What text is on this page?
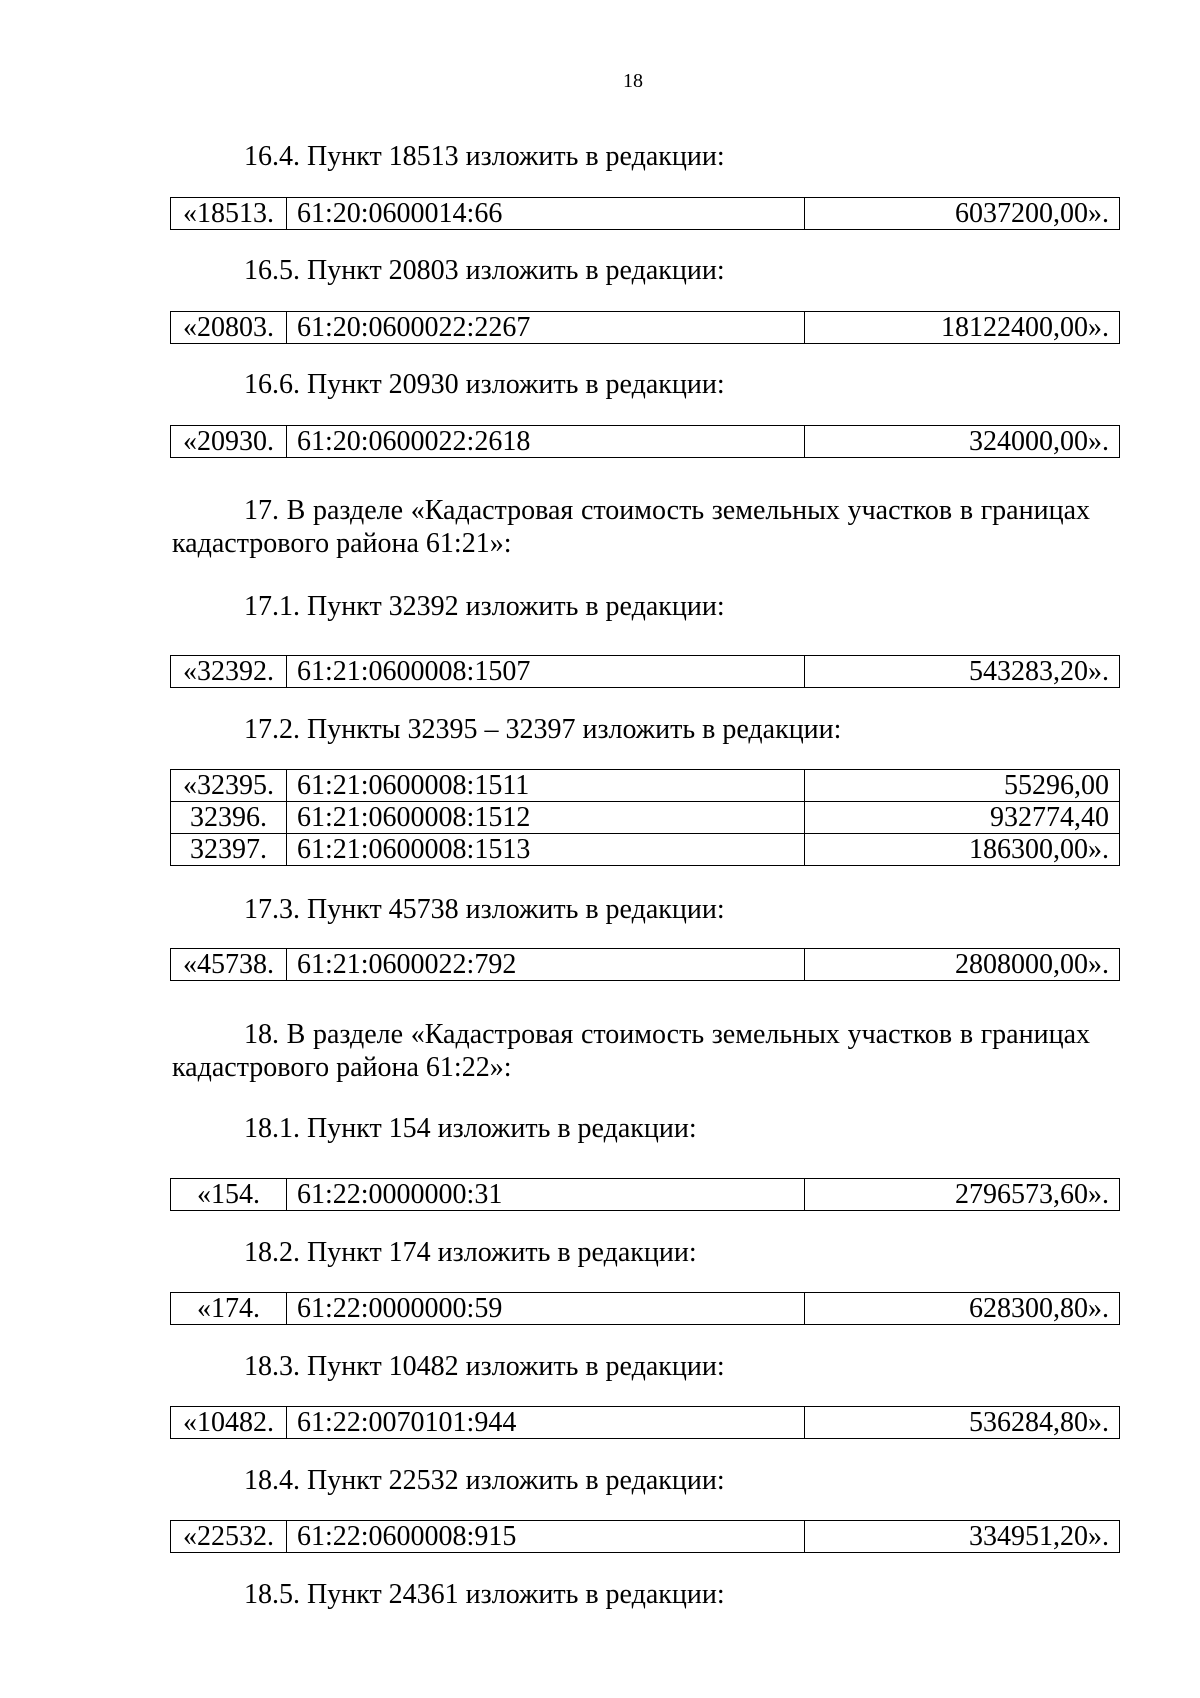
18

16.4. Пункт 18513 изложить в редакции:

«18513.	61:20:0600014:66	6037200,00».

16.5. Пункт 20803 изложить в редакции:

«20803.	61:20:0600022:2267	18122400,00».

16.6. Пункт 20930 изложить в редакции:

«20930.	61:20:0600022:2618	324000,00».

17. В разделе «Кадастровая стоимость земельных участков в границах кадастрового района 61:21»:

17.1. Пункт 32392 изложить в редакции:

«32392.	61:21:0600008:1507	543283,20».

17.2. Пункты 32395 – 32397 изложить в редакции:

«32395.	61:21:0600008:1511	55296,00
32396.	61:21:0600008:1512	932774,40
32397.	61:21:0600008:1513	186300,00».

17.3. Пункт 45738 изложить в редакции:

«45738.	61:21:0600022:792	2808000,00».

18. В разделе «Кадастровая стоимость земельных участков в границах кадастрового района 61:22»:

18.1. Пункт 154 изложить в редакции:

«154.	61:22:0000000:31	2796573,60».

18.2. Пункт 174 изложить в редакции:

«174.	61:22:0000000:59	628300,80».

18.3. Пункт 10482 изложить в редакции:

«10482.	61:22:0070101:944	536284,80».

18.4. Пункт 22532 изложить в редакции:

«22532.	61:22:0600008:915	334951,20».

18.5. Пункт 24361 изложить в редакции:
